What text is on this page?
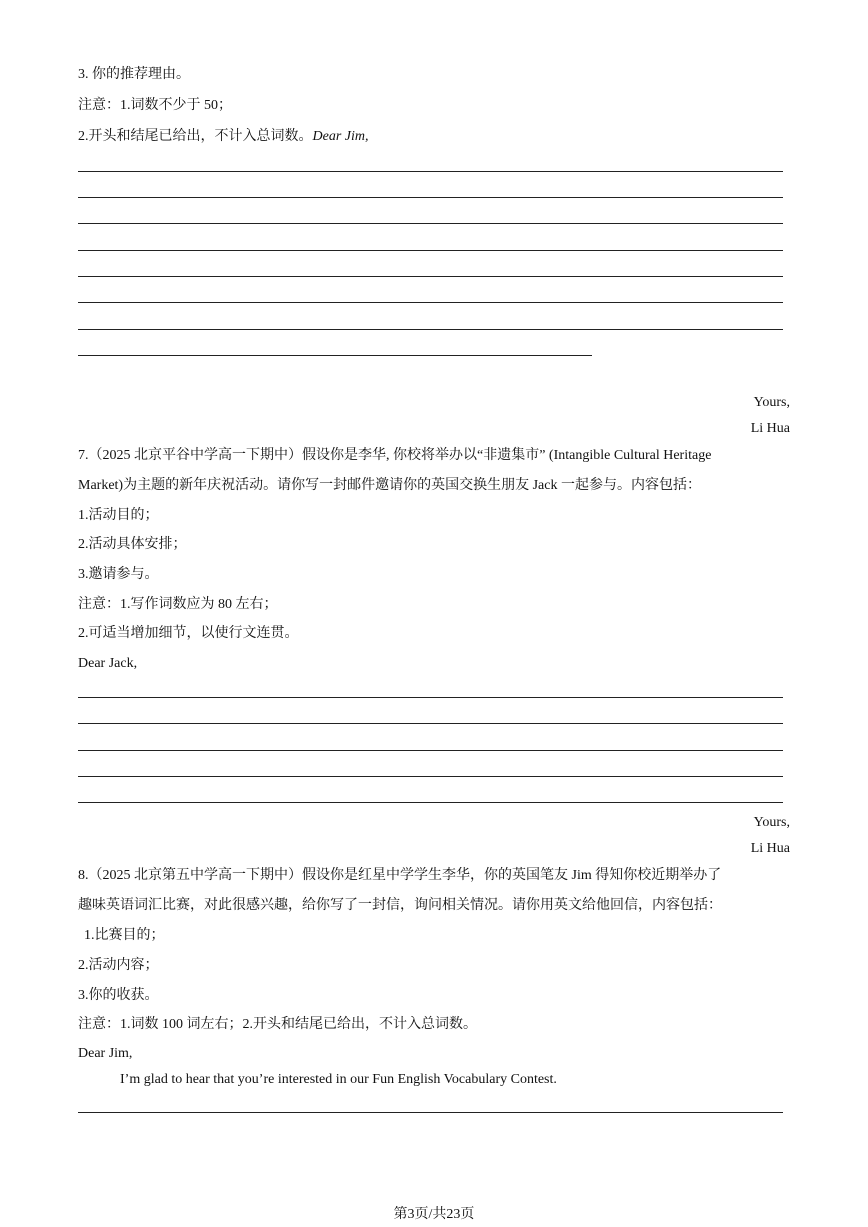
3. 你的推荐理由。
注意：1.词数不少于 50；
2.开头和结尾已给出，不计入总词数。Dear Jim,
Yours,
Li Hua
7.（2025 北京平谷中学高一下期中）假设你是李华, 你校将举办以“非遗集市” (Intangible Cultural Heritage
Market)为主题的新年庆祝活动。请你写一封邮件邀请你的英国交换生朋友 Jack 一起参与。内容包括：
1.活动目的；
2.活动具体安排；
3.邀请参与。
注意：1.写作词数应为 80 左右；
2.可适当增加细节，以使行文连贯。
Dear Jack,
Yours,
Li Hua
8.（2025 北京第五中学高一下期中）假设你是红星中学学生李华，你的英国笔友 Jim 得知你校近期举办了
趣味英语词汇比赛，对此很感兴趣，给你写了一封信，询问相关情况。请你用英文给他回信，内容包括：
1.比赛目的；
2.活动内容；
3.你的收获。
注意：1.词数 100 词左右；2.开头和结尾已给出，不计入总词数。
Dear Jim,
I’m glad to hear that you’re interested in our Fun English Vocabulary Contest.
第3页/共23页
